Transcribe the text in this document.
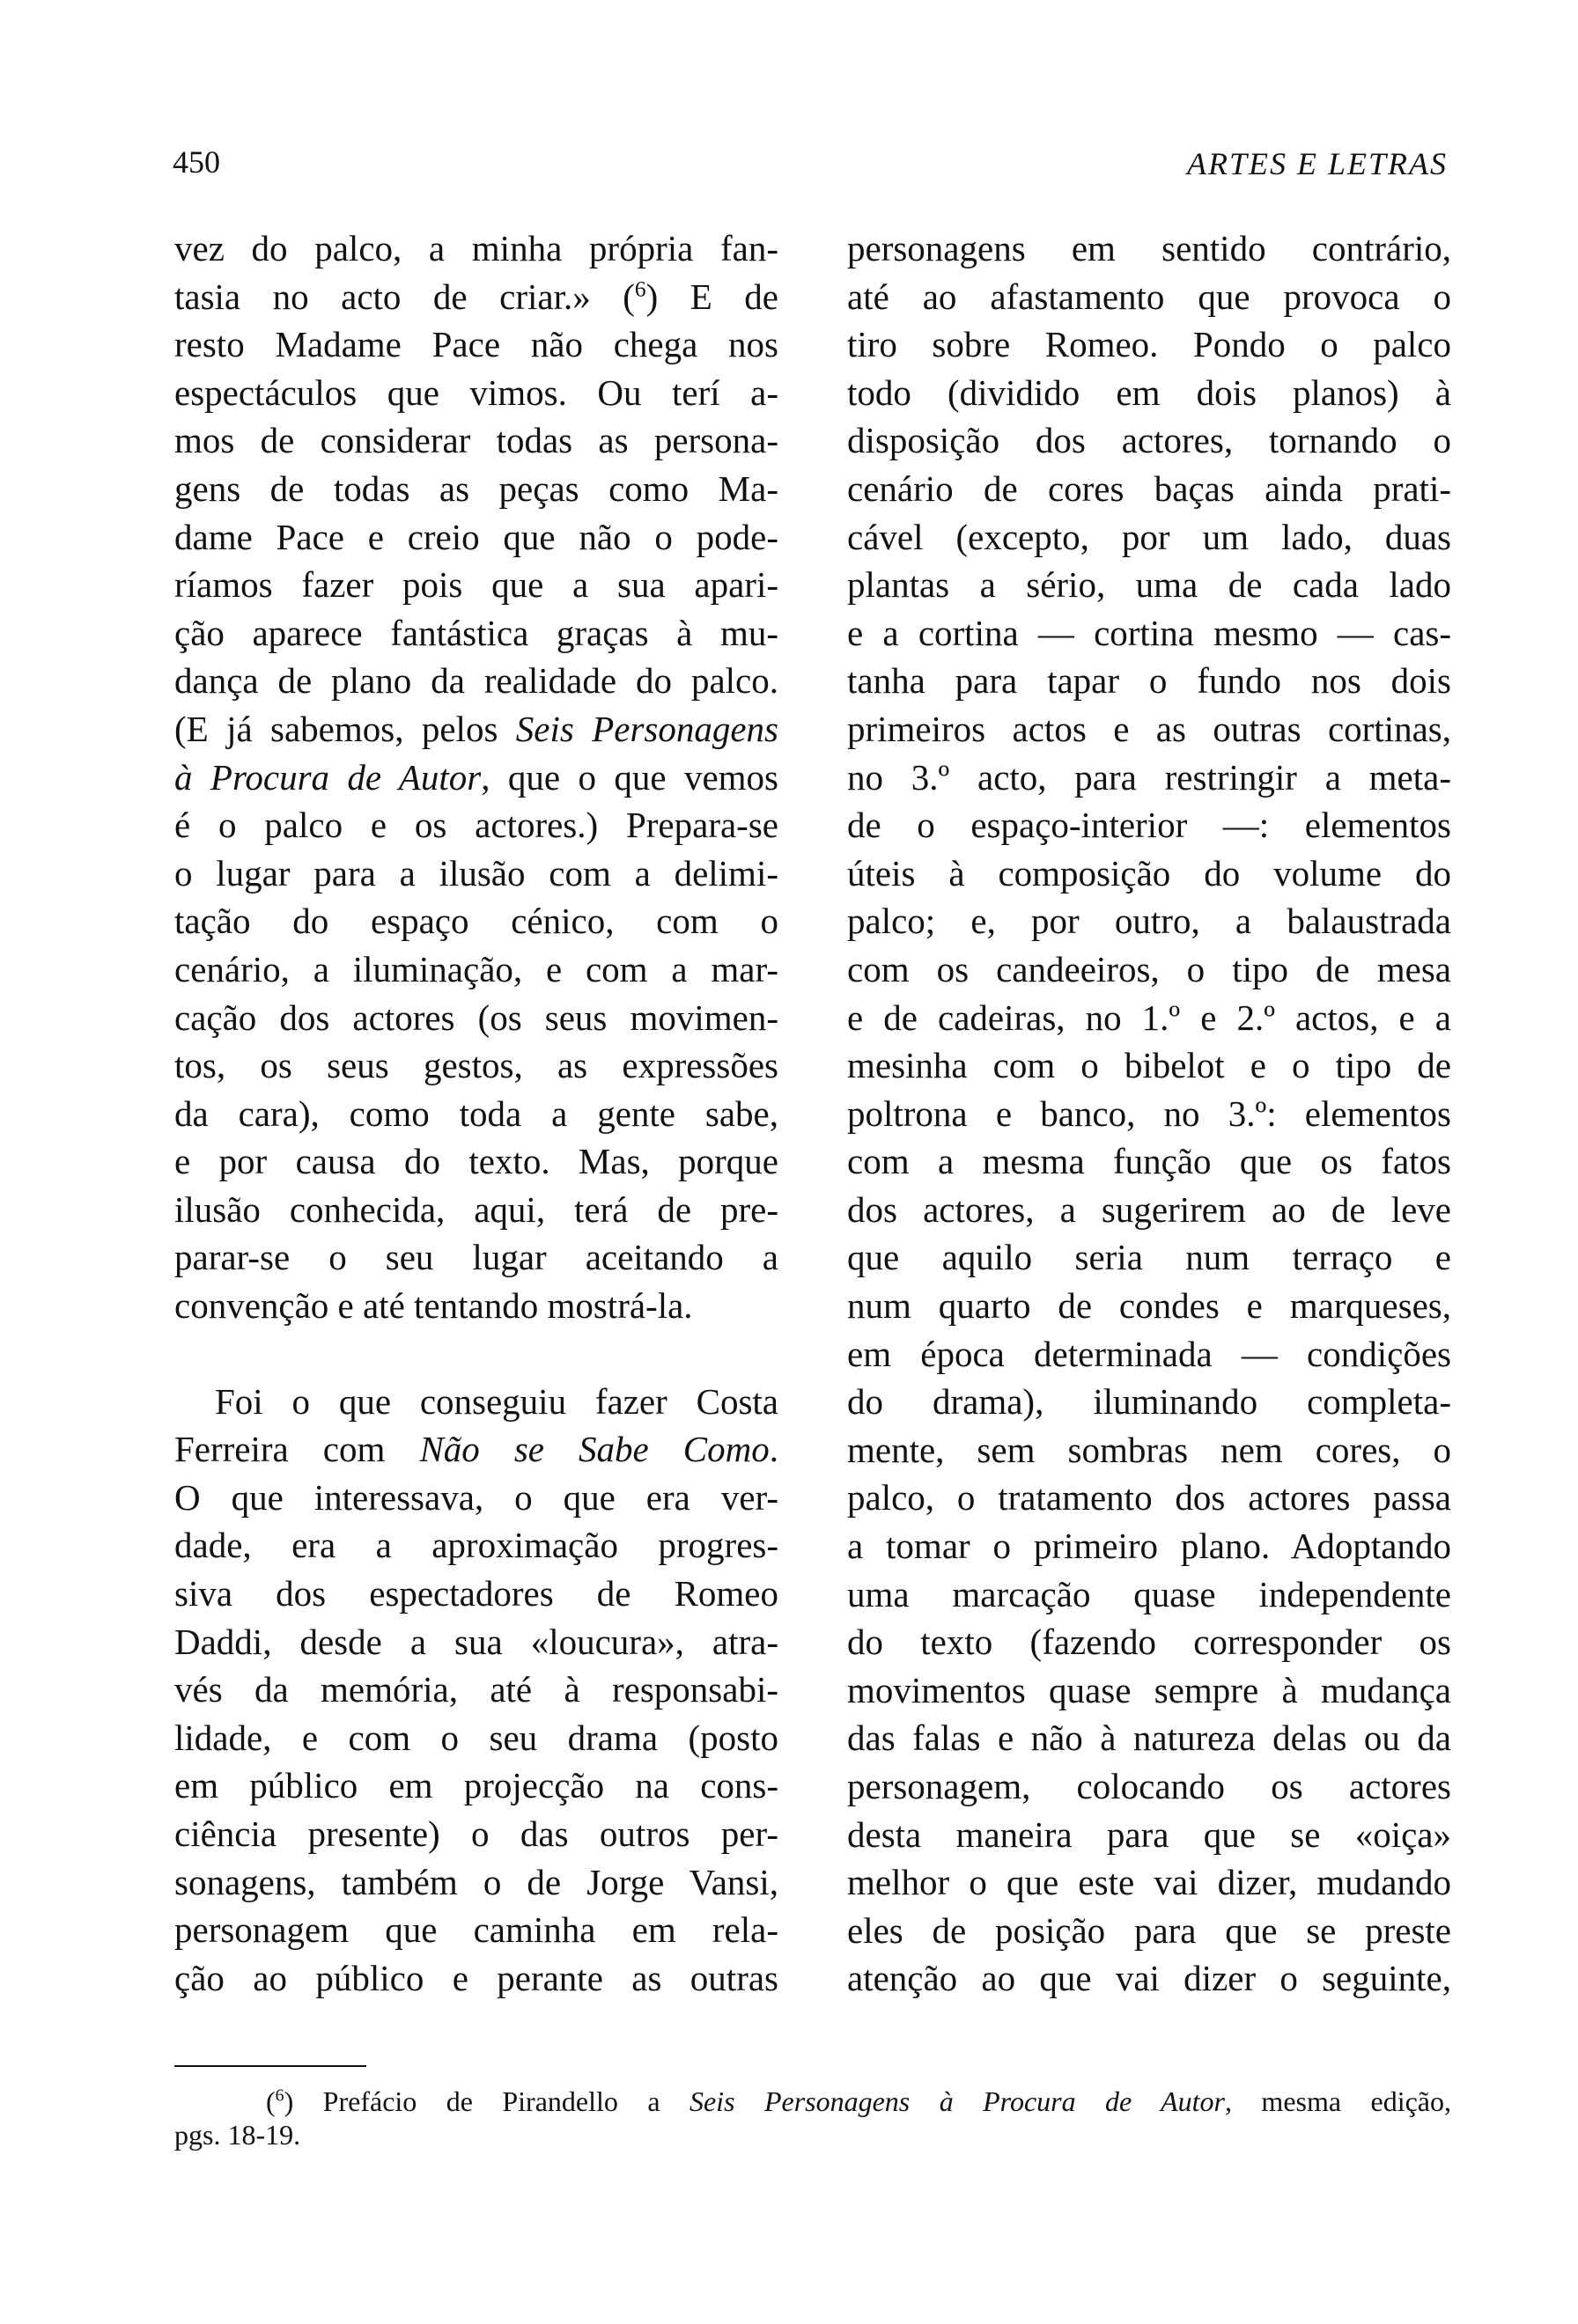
450	ARTES E LETRAS
vez do palco, a minha própria fan-
tasia no acto de criar.» ($^6$) E de
resto Madame Pace não chega nos
espectáculos que vimos. Ou terí a-
mos de considerar todas as persona-
gens de todas as peças como Ma-
dame Pace e creio que não o pode-
ríamos fazer pois que a sua apari-
ção aparece fantástica graças à mu-
dança de plano da realidade do palco.
(E já sabemos, pelos Seis Personagens
à Procura de Autor, que o que vemos
é o palco e os actores.) Prepara-se
o lugar para a ilusão com a delimi-
tação do espaço cénico, com o
cenário, a iluminação, e com a mar-
cação dos actores (os seus movimen-
tos, os seus gestos, as expressões
da cara), como toda a gente sabe,
e por causa do texto. Mas, porque
ilusão conhecida, aqui, terá de pre-
parar-se o seu lugar aceitando a
convenção e até tentando mostrá-la.
Foi o que conseguiu fazer Costa
Ferreira com Não se Sabe Como.
O que interessava, o que era ver-
dade, era a aproximação progres-
siva dos espectadores de Romeo
Daddi, desde a sua «loucura», atra-
vés da memória, até à responsabi-
lidade, e com o seu drama (posto
em público em projecção na cons-
ciência presente) o das outros per-
sonagens, também o de Jorge Vansi,
personagem que caminha em rela-
ção ao público e perante as outras
personagens em sentido contrário,
até ao afastamento que provoca o
tiro sobre Romeo. Pondo o palco
todo (dividido em dois planos) à
disposição dos actores, tornando o
cenário de cores baças ainda prati-
cável (excepto, por um lado, duas
plantas a sério, uma de cada lado
e a cortina — cortina mesmo — cas-
tanha para tapar o fundo nos dois
primeiros actos e as outras cortinas,
no 3.º acto, para restringir a meta-
de o espaço-interior —: elementos
úteis à composição do volume do
palco; e, por outro, a balaustrada
com os candeeiros, o tipo de mesa
e de cadeiras, no 1.º e 2.º actos, e a
mesinha com o bibelot e o tipo de
poltrona e banco, no 3.º: elementos
com a mesma função que os fatos
dos actores, a sugerirem ao de leve
que aquilo seria num terraço e
num quarto de condes e marqueses,
em época determinada — condições
do drama), iluminando completa-
mente, sem sombras nem cores, o
palco, o tratamento dos actores passa
a tomar o primeiro plano. Adoptando
uma marcação quase independente
do texto (fazendo corresponder os
movimentos quase sempre à mudança
das falas e não à natureza delas ou da
personagem, colocando os actores
desta maneira para que se «oiça»
melhor o que este vai dizer, mudando
eles de posição para que se preste
atenção ao que vai dizer o seguinte,
($^6$) Prefácio de Pirandello a Seis Personagens à Procura de Autor, mesma edição,
pgs. 18-19.
